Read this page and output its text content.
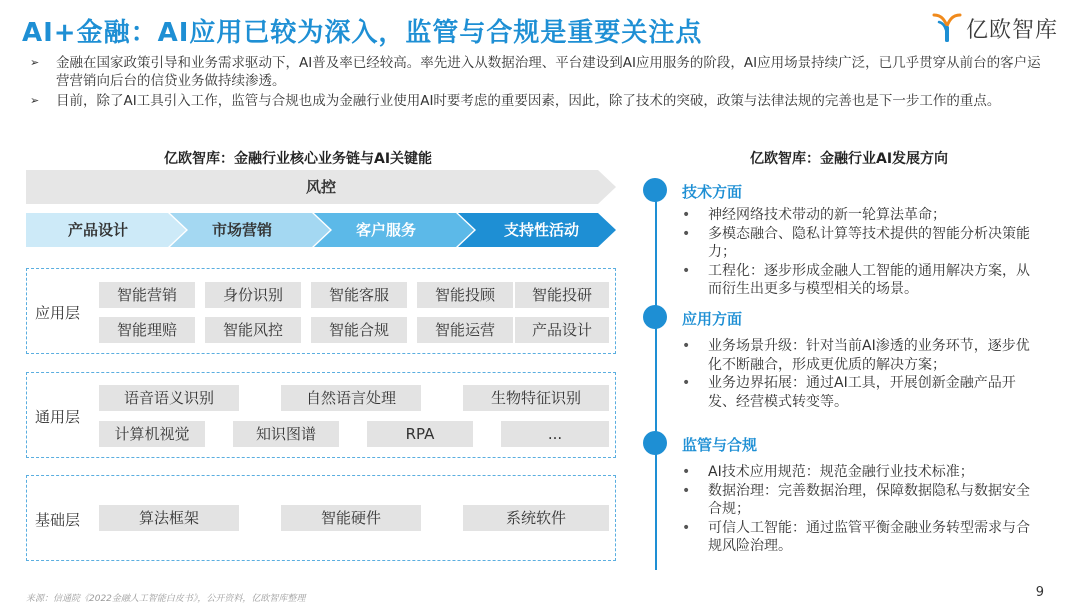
AI+金融：AI应用已较为深入，监管与合规是重要关注点	亿欧智库
➢ 金融在国家政策引导和业务需求驱动下，AI普及率已经较高。率先进入从数据治理、平台建设到AI应用服务的阶段，AI应用场景持续广泛，已几乎贯穿从前台的客户运营营销向后台的信贷业务做持续渗透。
➢ 目前，除了AI工具引入工作，监管与合规也成为金融行业使用AI时要考虑的重要因素，因此，除了技术的突破，政策与法律法规的完善也是下一步工作的重点。
亿欧智库：金融行业核心业务链与AI关键能
风控
产品设计	市场营销	客户服务	支持性活动
应用层
智能营销	身份识别	智能客服	智能投顾	智能投研
智能理赔	智能风控	智能合规	智能运营	产品设计
通用层
语音语义识别	自然语言处理	生物特征识别
计算机视觉	知识图谱	RPA	...
基础层	算法框架	智能硬件	系统软件
亿欧智库：金融行业AI发展方向
技术方面
• 神经网络技术带动的新一轮算法革命；
• 多模态融合、隐私计算等技术提供的智能分析决策能力；
• 工程化：逐步形成金融人工智能的通用解决方案，从而衍生出更多与模型相关的场景。
应用方面
• 业务场景升级：针对当前AI渗透的业务环节，逐步优化不断融合，形成更优质的解决方案；
• 业务边界拓展：通过AI工具，开展创新金融产品开发、经营模式转变等。
监管与合规
• AI技术应用规范：规范金融行业技术标准；
• 数据治理：完善数据治理，保障数据隐私与数据安全合规；
• 可信人工智能：通过监管平衡金融业务转型需求与合规风险治理。
来源：信通院《2022金融人工智能白皮书》，公开资料，亿欧智库整理	9
